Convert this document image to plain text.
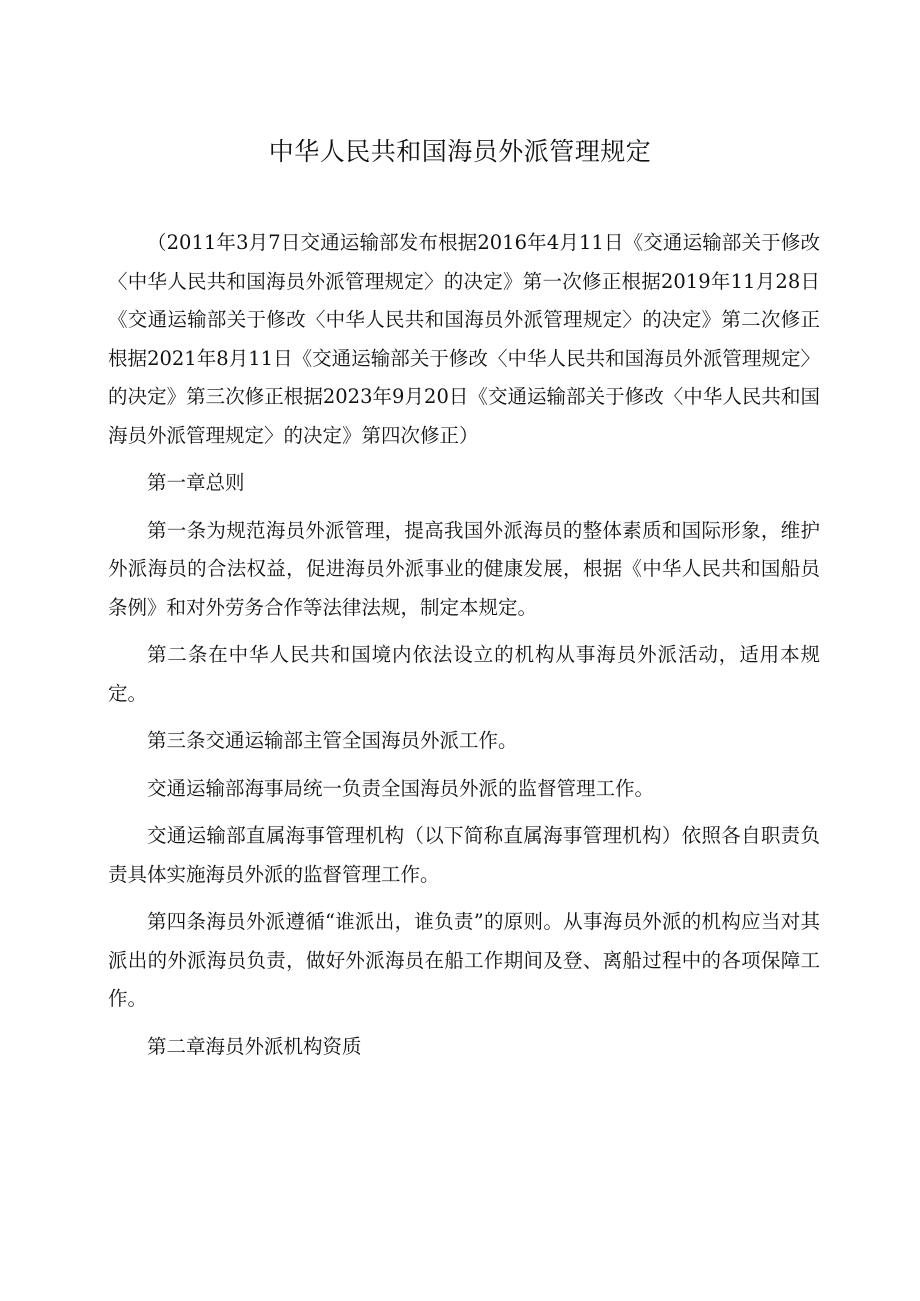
中华人民共和国海员外派管理规定

（2011年3月7日交通运输部发布根据2016年4月11日《交通运输部关于修改〈中华人民共和国海员外派管理规定〉的决定》第一次修正根据2019年11月28日《交通运输部关于修改〈中华人民共和国海员外派管理规定〉的决定》第二次修正根据2021年8月11日《交通运输部关于修改〈中华人民共和国海员外派管理规定〉的决定》第三次修正根据2023年9月20日《交通运输部关于修改〈中华人民共和国海员外派管理规定〉的决定》第四次修正）

第一章总则

第一条为规范海员外派管理，提高我国外派海员的整体素质和国际形象，维护外派海员的合法权益，促进海员外派事业的健康发展，根据《中华人民共和国船员条例》和对外劳务合作等法律法规，制定本规定。

第二条在中华人民共和国境内依法设立的机构从事海员外派活动，适用本规定。

第三条交通运输部主管全国海员外派工作。

交通运输部海事局统一负责全国海员外派的监督管理工作。

交通运输部直属海事管理机构（以下简称直属海事管理机构）依照各自职责负责具体实施海员外派的监督管理工作。

第四条海员外派遵循“谁派出，谁负责”的原则。从事海员外派的机构应当对其派出的外派海员负责，做好外派海员在船工作期间及登、离船过程中的各项保障工作。

第二章海员外派机构资质
